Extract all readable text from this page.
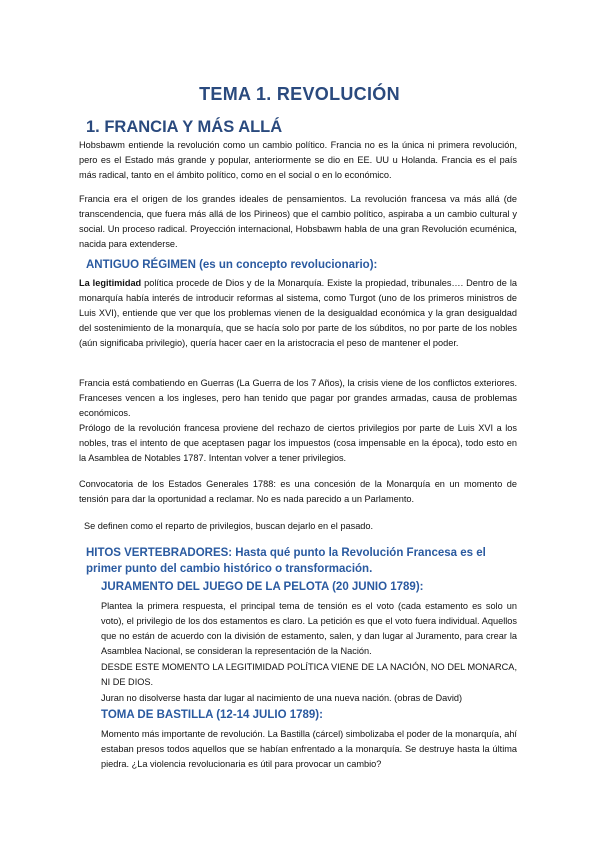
TEMA 1. REVOLUCIÓN
1. FRANCIA Y MÁS ALLÁ

Hobsbawm entiende la revolución como un cambio político. Francia no es la única ni primera revolución, pero es el Estado más grande y popular, anteriormente se dio en EE. UU u Holanda. Francia es el país más radical, tanto en el ámbito político, como en el social o en lo económico.

Francia era el origen de los grandes ideales de pensamientos. La revolución francesa va más allá (de transcendencia, que fuera más allá de los Pirineos) que el cambio político, aspiraba a un cambio cultural y social. Un proceso radical. Proyección internacional, Hobsbawm habla de una gran Revolución ecuménica, nacida para extenderse.

ANTIGUO RÉGIMEN (es un concepto revolucionario):

La legitimidad política procede de Dios y de la Monarquía. Existe la propiedad, tribunales…. Dentro de la monarquía había interés de introducir reformas al sistema, como Turgot (uno de los primeros ministros de Luis XVI), entiende que ver que los problemas vienen de la desigualdad económica y la gran desigualdad del sostenimiento de la monarquía, que se hacía solo por parte de los súbditos, no por parte de los nobles (aún significaba privilegio), quería hacer caer en la aristocracia el peso de mantener el poder.

Francia está combatiendo en Guerras (La Guerra de los 7 Años), la crisis viene de los conflictos exteriores. Franceses vencen a los ingleses, pero han tenido que pagar por grandes armadas, causa de problemas económicos.

Prólogo de la revolución francesa proviene del rechazo de ciertos privilegios por parte de Luis XVI a los nobles, tras el intento de que aceptasen pagar los impuestos (cosa impensable en la época), todo esto en la Asamblea de Notables 1787. Intentan volver a tener privilegios.

Convocatoria de los Estados Generales 1788: es una concesión de la Monarquía en un momento de tensión para dar la oportunidad a reclamar. No es nada parecido a un Parlamento.

Se definen como el reparto de privilegios, buscan dejarlo en el pasado.

HITOS VERTEBRADORES: Hasta qué punto la Revolución Francesa es el primer punto del cambio histórico o transformación.
JURAMENTO DEL JUEGO DE LA PELOTA (20 JUNIO 1789):

Plantea la primera respuesta, el principal tema de tensión es el voto (cada estamento es solo un voto), el privilegio de los dos estamentos es claro. La petición es que el voto fuera individual. Aquellos que no están de acuerdo con la división de estamento, salen, y dan lugar al Juramento, para crear la Asamblea Nacional, se consideran la representación de la Nación.

DESDE ESTE MOMENTO LA LEGITIMIDAD POLÍTICA VIENE DE LA NACIÓN, NO DEL MONARCA, NI DE DIOS.

Juran no disolverse hasta dar lugar al nacimiento de una nueva nación. (obras de David)

TOMA DE BASTILLA (12-14 JULIO 1789):

Momento más importante de revolución. La Bastilla (cárcel) simbolizaba el poder de la monarquía, ahí estaban presos todos aquellos que se habían enfrentado a la monarquía. Se destruye hasta la última piedra. ¿La violencia revolucionaria es útil para provocar un cambio?
